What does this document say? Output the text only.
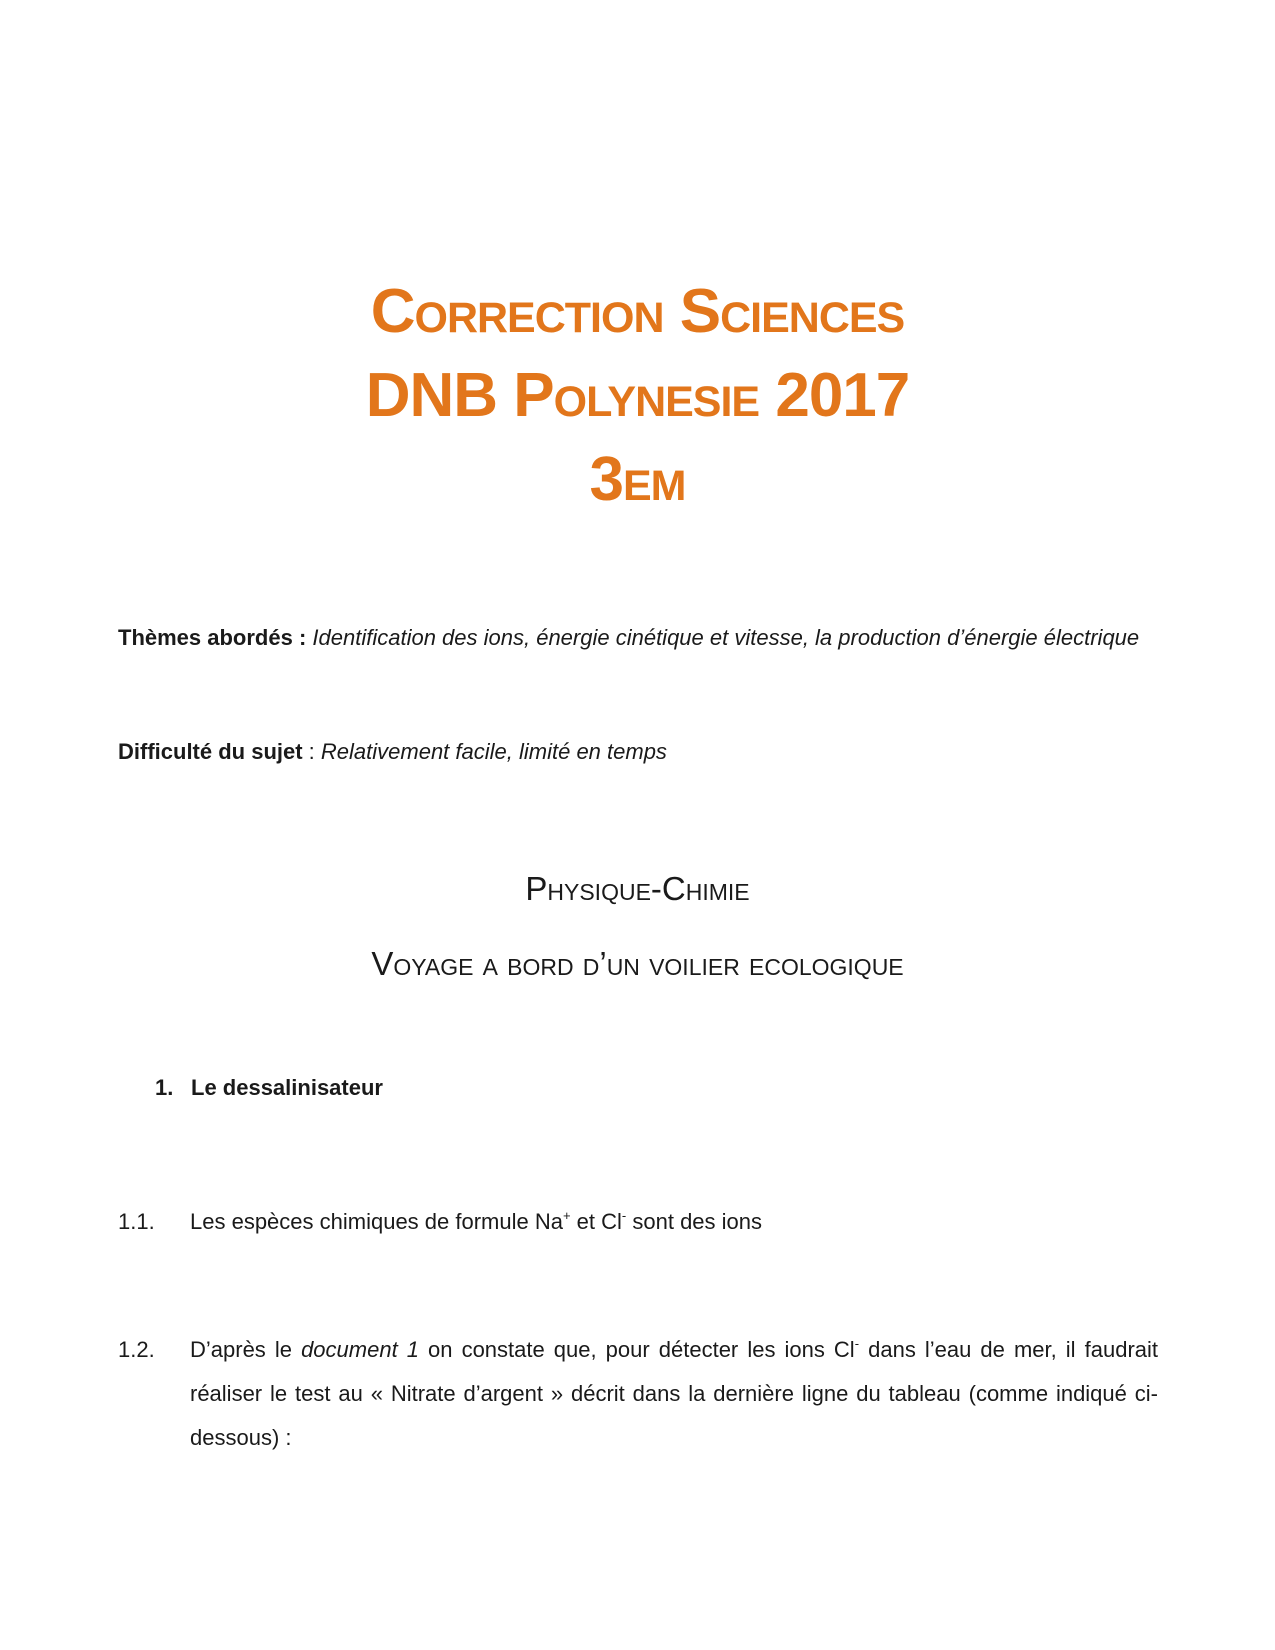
Correction Sciences
DNB Polynesie 2017
3em
Thèmes abordés : Identification des ions, énergie cinétique et vitesse, la production d’énergie électrique
Difficulté du sujet : Relativement facile, limité en temps
Physique-Chimie
Voyage a bord d’un voilier ecologique
1. Le dessalinisateur
1.1. Les espèces chimiques de formule Na+ et Cl- sont des ions
1.2. D’après le document 1 on constate que, pour détecter les ions Cl- dans l’eau de mer, il faudrait réaliser le test au « Nitrate d’argent » décrit dans la dernière ligne du tableau (comme indiqué ci-dessous) :
